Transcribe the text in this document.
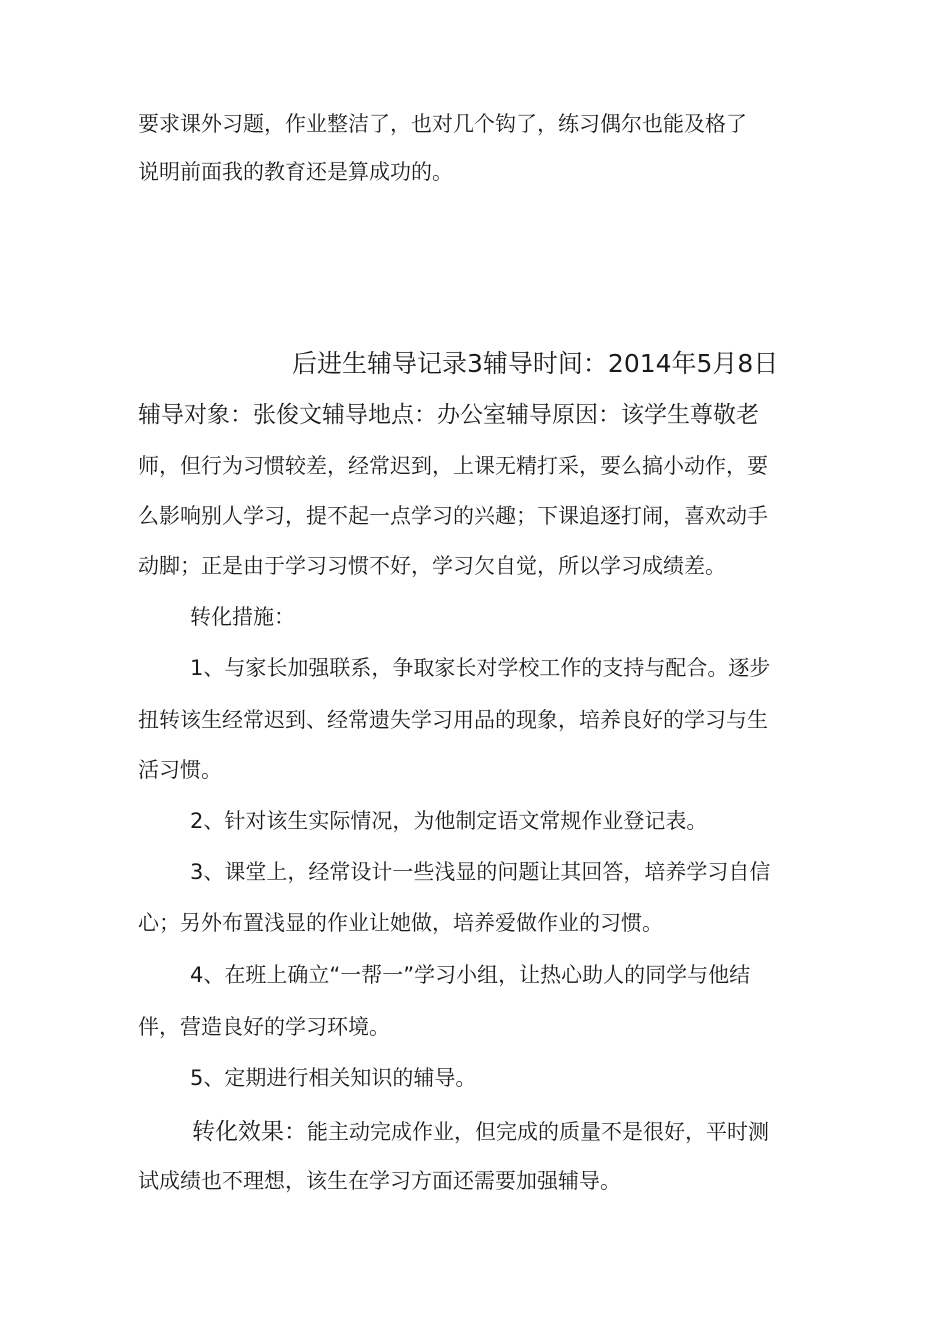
要求课外习题，作业整洁了，也对几个钩了，练习偶尔也能及格了

说明前面我的教育还是算成功的。

后进生辅导记录3辅导时间：2014年5月8日

辅导对象：张俊文辅导地点：办公室辅导原因：该学生尊敬老

师，但行为习惯较差，经常迟到，上课无精打采，要么搞小动作，要

么影响别人学习，提不起一点学习的兴趣；下课追逐打闹，喜欢动手

动脚；正是由于学习习惯不好，学习欠自觉，所以学习成绩差。

转化措施：

1、与家长加强联系，争取家长对学校工作的支持与配合。逐步

扭转该生经常迟到、经常遗失学习用品的现象，培养良好的学习与生

活习惯。

2、针对该生实际情况，为他制定语文常规作业登记表。

3、课堂上，经常设计一些浅显的问题让其回答，培养学习自信

心；另外布置浅显的作业让她做，培养爱做作业的习惯。

4、在班上确立“一帮一”学习小组，让热心助人的同学与他结

伴，营造良好的学习环境。

5、定期进行相关知识的辅导。

转化效果：能主动完成作业，但完成的质量不是很好，平时测

试成绩也不理想，该生在学习方面还需要加强辅导。
